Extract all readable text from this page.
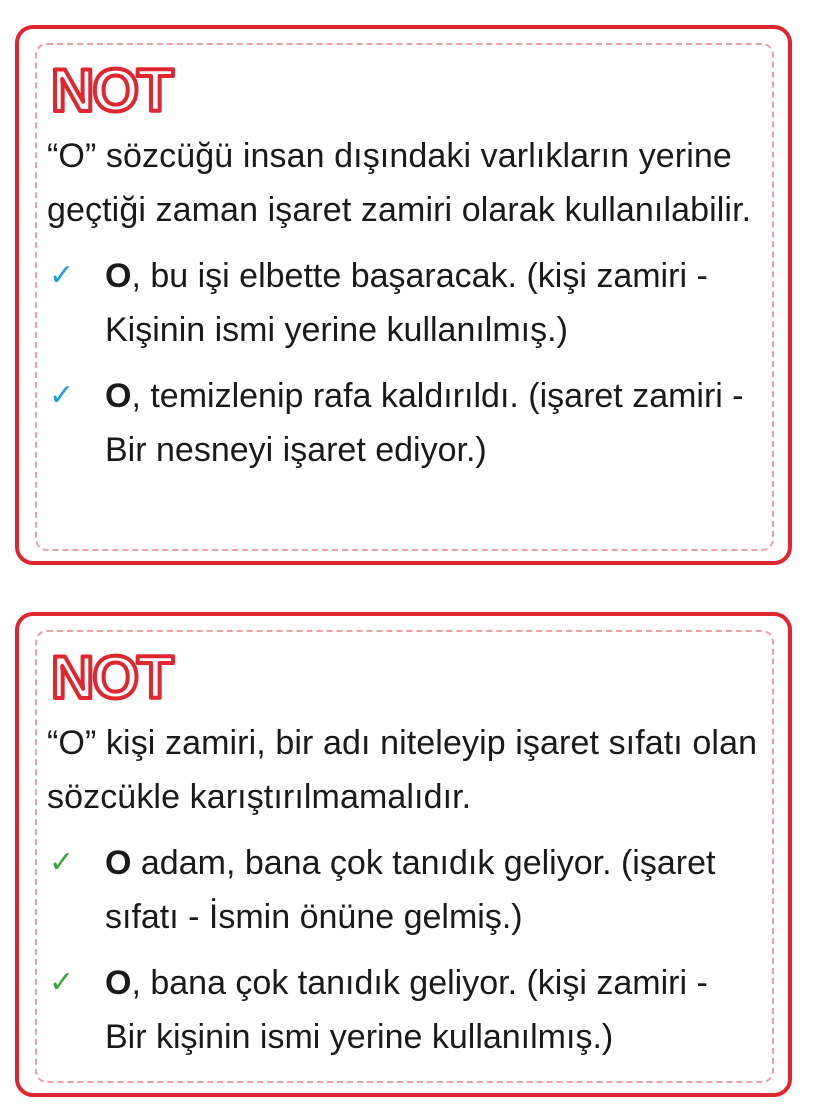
NOT

“O” sözcüğü insan dışındaki varlıkların yerine geçtiği zaman işaret zamiri olarak kullanılabilir.

✓ O, bu işi elbette başaracak. (kişi zamiri - Kişinin ismi yerine kullanılmış.)
✓ O, temizlenip rafa kaldırıldı. (işaret zamiri - Bir nesneyi işaret ediyor.)
NOT

“O” kişi zamiri, bir adı niteleyip işaret sıfatı olan sözcükle karıştırılmamalıdır.

✓ O adam, bana çok tanıdık geliyor. (işaret sıfatı - İsmin önüne gelmiş.)
✓ O, bana çok tanıdık geliyor. (kişi zamiri - Bir kişinin ismi yerine kullanılmış.)
